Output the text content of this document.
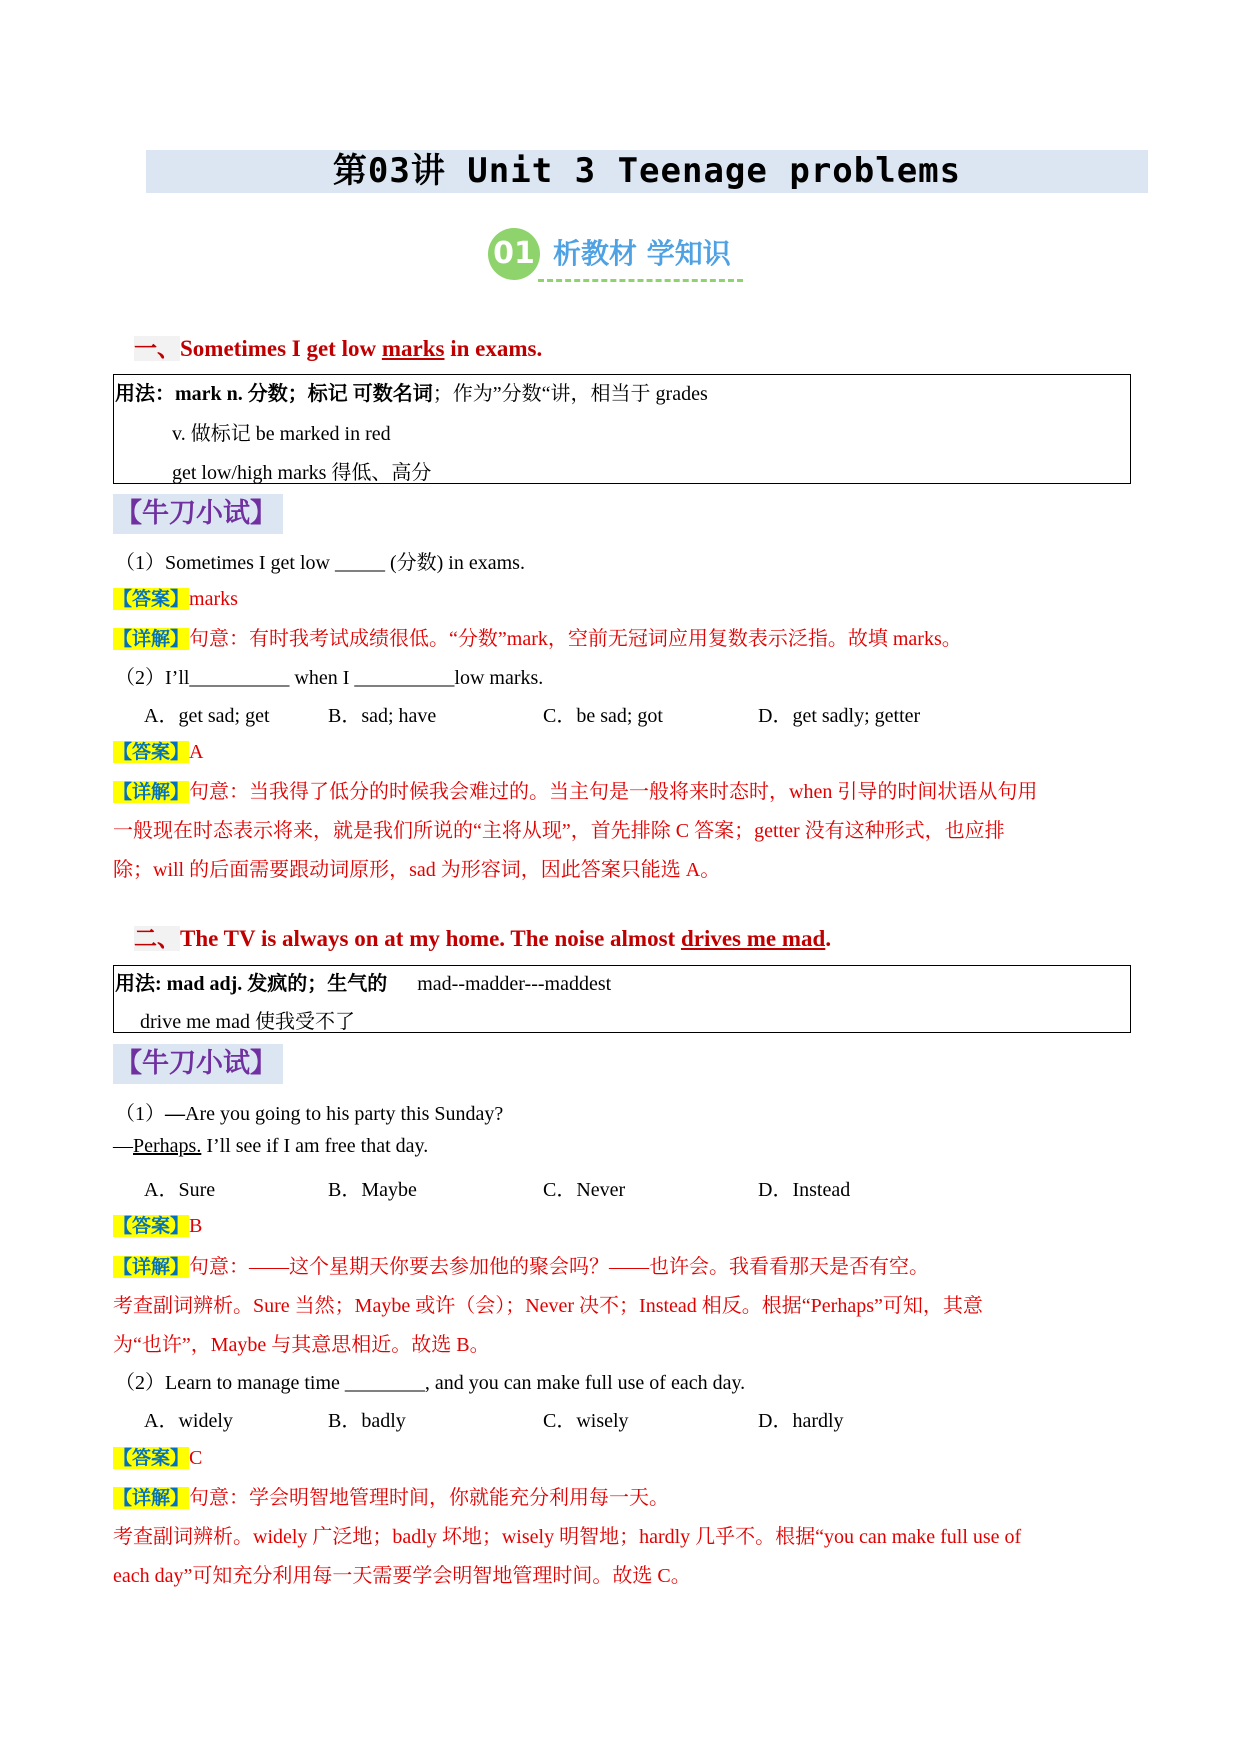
第03讲 Unit 3 Teenage problems
01 析教材 学知识
一、Sometimes I get low marks in exams.
用法：mark n. 分数；标记 可数名词；作为”分数“讲，相当于 grades
v. 做标记 be marked in red
get low/high marks 得低、高分
【牛刀小试】
（1）Sometimes I get low _____ (分数) in exams.
【答案】marks
【详解】句意：有时我考试成绩很低。“分数”mark，空前无冠词应用复数表示泛指。故填 marks。
（2）I’ll__________ when I __________low marks.
A．get sad; get	B．sad; have	C．be sad; got	D．get sadly; getter
【答案】A
【详解】句意：当我得了低分的时候我会难过的。当主句是一般将来时态时，when 引导的时间状语从句用
一般现在时态表示将来，就是我们所说的“主将从现”，首先排除 C 答案；getter 没有这种形式，也应排
除；will 的后面需要跟动词原形，sad 为形容词，因此答案只能选 A。
二、The TV is always on at my home. The noise almost drives me mad.
用法: mad adj. 发疯的；生气的      mad--madder---maddest
drive me mad 使我受不了
【牛刀小试】
（1）—Are you going to his party this Sunday?
—Perhaps. I’ll see if I am free that day.
A．Sure	B．Maybe	C．Never	D．Instead
【答案】B
【详解】句意：——这个星期天你要去参加他的聚会吗？——也许会。我看看那天是否有空。
考查副词辨析。Sure 当然；Maybe 或许（会）；Never 决不；Instead 相反。根据“Perhaps”可知，其意
为“也许”，Maybe 与其意思相近。故选 B。
（2）Learn to manage time ________, and you can make full use of each day.
A．widely	B．badly	C．wisely	D．hardly
【答案】C
【详解】句意：学会明智地管理时间，你就能充分利用每一天。
考查副词辨析。widely 广泛地；badly 坏地；wisely 明智地；hardly 几乎不。根据“you can make full use of
each day”可知充分利用每一天需要学会明智地管理时间。故选 C。
